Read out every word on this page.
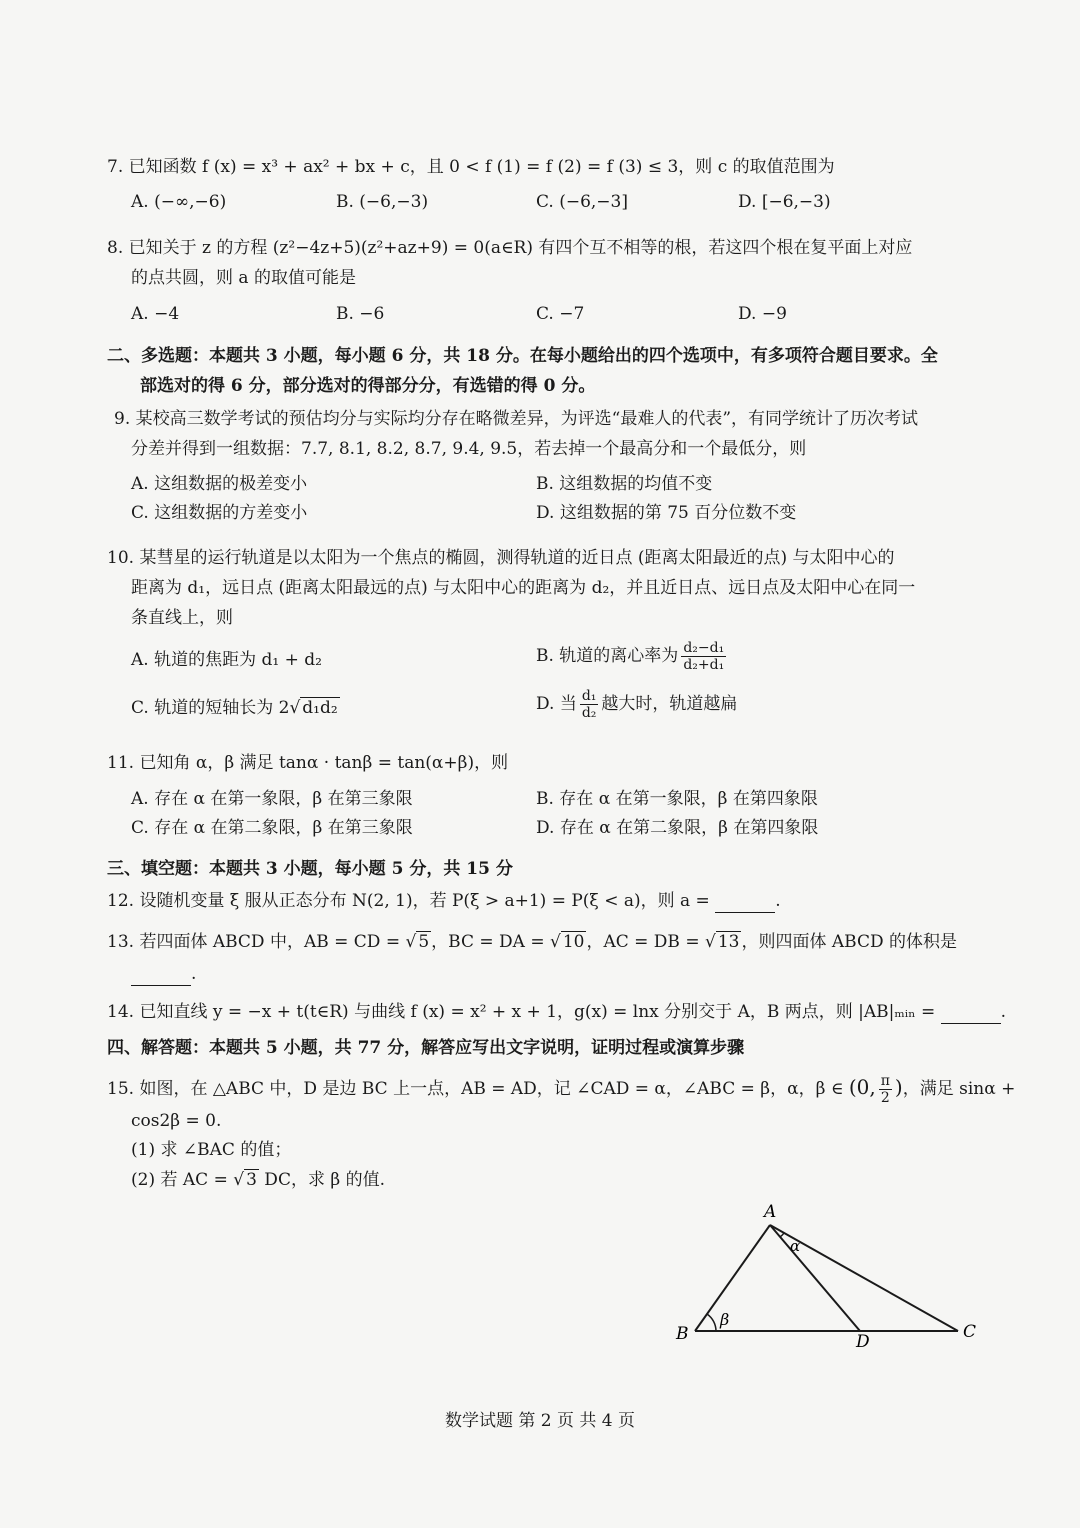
7. 已知函数 f (x) = x³ + ax² + bx + c，且 0 < f (1) = f (2) = f (3) ≤ 3，则 c 的取值范围为
A. (−∞,−6)	B. (−6,−3)	C. (−6,−3]	D. [−6,−3)
8. 已知关于 z 的方程 (z²−4z+5)(z²+az+9) = 0(a∈R) 有四个互不相等的根，若这四个根在复平面上对应
的点共圆，则 a 的取值可能是
A. −4	B. −6	C. −7	D. −9
二、多选题：本题共 3 小题，每小题 6 分，共 18 分。在每小题给出的四个选项中，有多项符合题目要求。全
部选对的得 6 分，部分选对的得部分分，有选错的得 0 分。
9. 某校高三数学考试的预估均分与实际均分存在略微差异，为评选“最难人的代表”，有同学统计了历次考试
分差并得到一组数据：7.7, 8.1, 8.2, 8.7, 9.4, 9.5，若去掉一个最高分和一个最低分，则
A. 这组数据的极差变小	B. 这组数据的均值不变
C. 这组数据的方差变小	D. 这组数据的第 75 百分位数不变
10. 某彗星的运行轨道是以太阳为一个焦点的椭圆，测得轨道的近日点 (距离太阳最近的点) 与太阳中心的
距离为 d₁，远日点 (距离太阳最远的点) 与太阳中心的距离为 d₂，并且近日点、远日点及太阳中心在同一
条直线上，则
A. 轨道的焦距为 d₁ + d₂	B. 轨道的离心率为 $\frac{\text{d₂−d₁}}{\text{d₂+d₁}}$
C. 轨道的短轴长为 2√ d₁d₂	D. 当 $\frac{\text{d₁}}{\text{d₂}}$ 越大时，轨道越扁
11. 已知角 α，β 满足 tanα · tanβ = tan(α+β)，则
A. 存在 α 在第一象限，β 在第三象限	B. 存在 α 在第一象限，β 在第四象限
C. 存在 α 在第二象限，β 在第三象限	D. 存在 α 在第二象限，β 在第四象限
三、填空题：本题共 3 小题，每小题 5 分，共 15 分
12. 设随机变量 ξ 服从正态分布 N(2, 1)，若 P(ξ > a+1) = P(ξ < a)，则 a =	.
13. 若四面体 ABCD 中，AB = CD = √ 5 ，BC = DA = √ 10 ，AC = DB = √ 13 ，则四面体 ABCD 的体积是
.
14. 已知直线 y = −x + t(t∈R) 与曲线 f (x) = x² + x + 1，g(x) = lnx 分别交于 A，B 两点，则 |AB|ₘᵢₙ =	.
四、解答题：本题共 5 小题，共 77 分，解答应写出文字说明，证明过程或演算步骤
15. 如图，在 △ABC 中，D 是边 BC 上一点，AB = AD，记 ∠CAD = α，∠ABC = β，α，β ∈ (0, $\frac{\pi}{2}$ )，满足 sinα +
cos2β = 0.
(1) 求 ∠BAC 的值；
(2) 若 AC = √ 3 DC，求 β 的值.
A
B	C
D
α
β
数学试题 第 2 页 共 4 页
